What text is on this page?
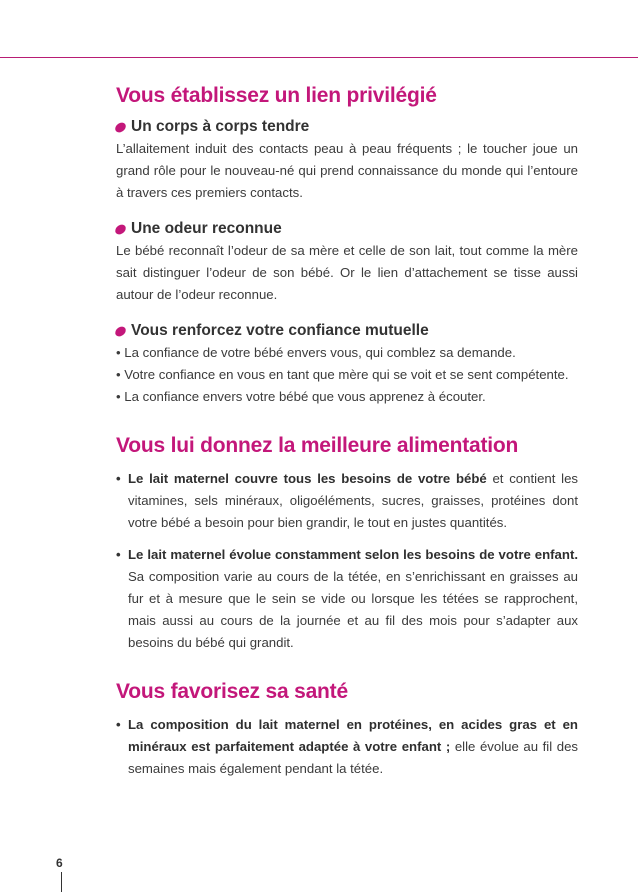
Vous établissez un lien privilégié
Un corps à corps tendre

L’allaitement induit des contacts peau à peau fréquents ; le toucher joue un grand rôle pour le nouveau-né qui prend connaissance du monde qui l’entoure à travers ces premiers contacts.

Une odeur reconnue

Le bébé reconnaît l’odeur de sa mère et celle de son lait, tout comme la mère sait distinguer l’odeur de son bébé. Or le lien d’attachement se tisse aussi autour de l’odeur reconnue.

Vous renforcez votre confiance mutuelle
• La confiance de votre bébé envers vous, qui comblez sa demande.
• Votre confiance en vous en tant que mère qui se voit et se sent compétente.
• La confiance envers votre bébé que vous apprenez à écouter.
Vous lui donnez la meilleure alimentation
• Le lait maternel couvre tous les besoins de votre bébé et contient les vitamines, sels minéraux, oligoéléments, sucres, graisses, protéines dont votre bébé a besoin pour bien grandir, le tout en justes quantités.
• Le lait maternel évolue constamment selon les besoins de votre enfant. Sa composition varie au cours de la tétée, en s’enrichissant en graisses au fur et à mesure que le sein se vide ou lorsque les tétées se rapprochent, mais aussi au cours de la journée et au fil des mois pour s’adapter aux besoins du bébé qui grandit.
Vous favorisez sa santé
• La composition du lait maternel en protéines, en acides gras et en minéraux est parfaitement adaptée à votre enfant ; elle évolue au fil des semaines mais également pendant la tétée.
6
